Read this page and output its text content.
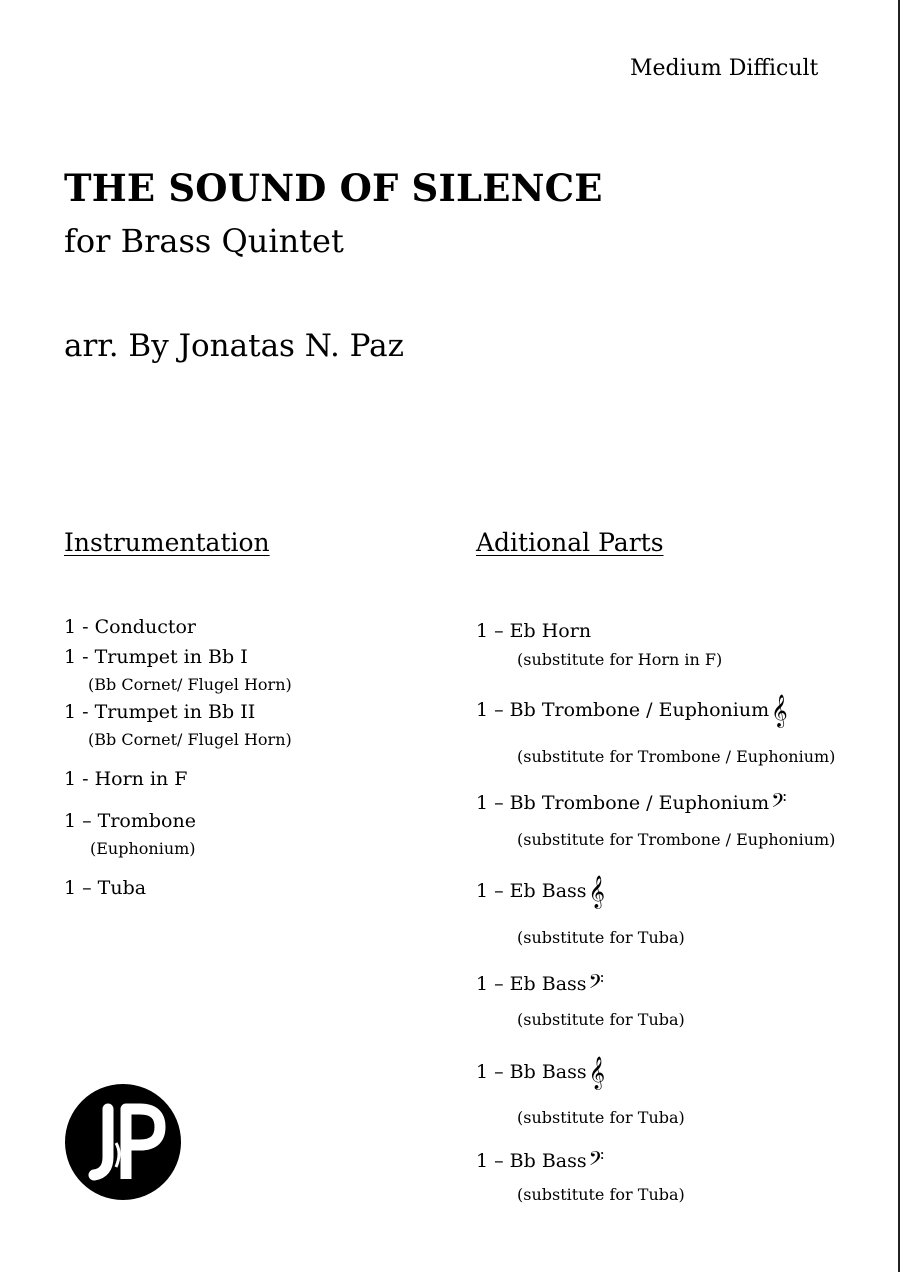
Medium Difficult
THE SOUND OF SILENCE
for Brass Quintet
arr. By Jonatas N. Paz
Instrumentation
1 - Conductor
1 - Trumpet in Bb I
(Bb Cornet/ Flugel Horn)
1 - Trumpet in Bb II
(Bb Cornet/ Flugel Horn)
1 - Horn in F
1 – Trombone
(Euphonium)
1 – Tuba
Aditional Parts
1 – Eb Horn
(substitute for Horn in F)
1 – Bb Trombone / Euphonium𝄞
(substitute for Trombone / Euphonium)
1 – Bb Trombone / Euphonium𝄢
(substitute for Trombone / Euphonium)
1 – Eb Bass𝄞
(substitute for Tuba)
1 – Eb Bass𝄢
(substitute for Tuba)
1 – Bb Bass𝄞
(substitute for Tuba)
1 – Bb Bass𝄢
(substitute for Tuba)
